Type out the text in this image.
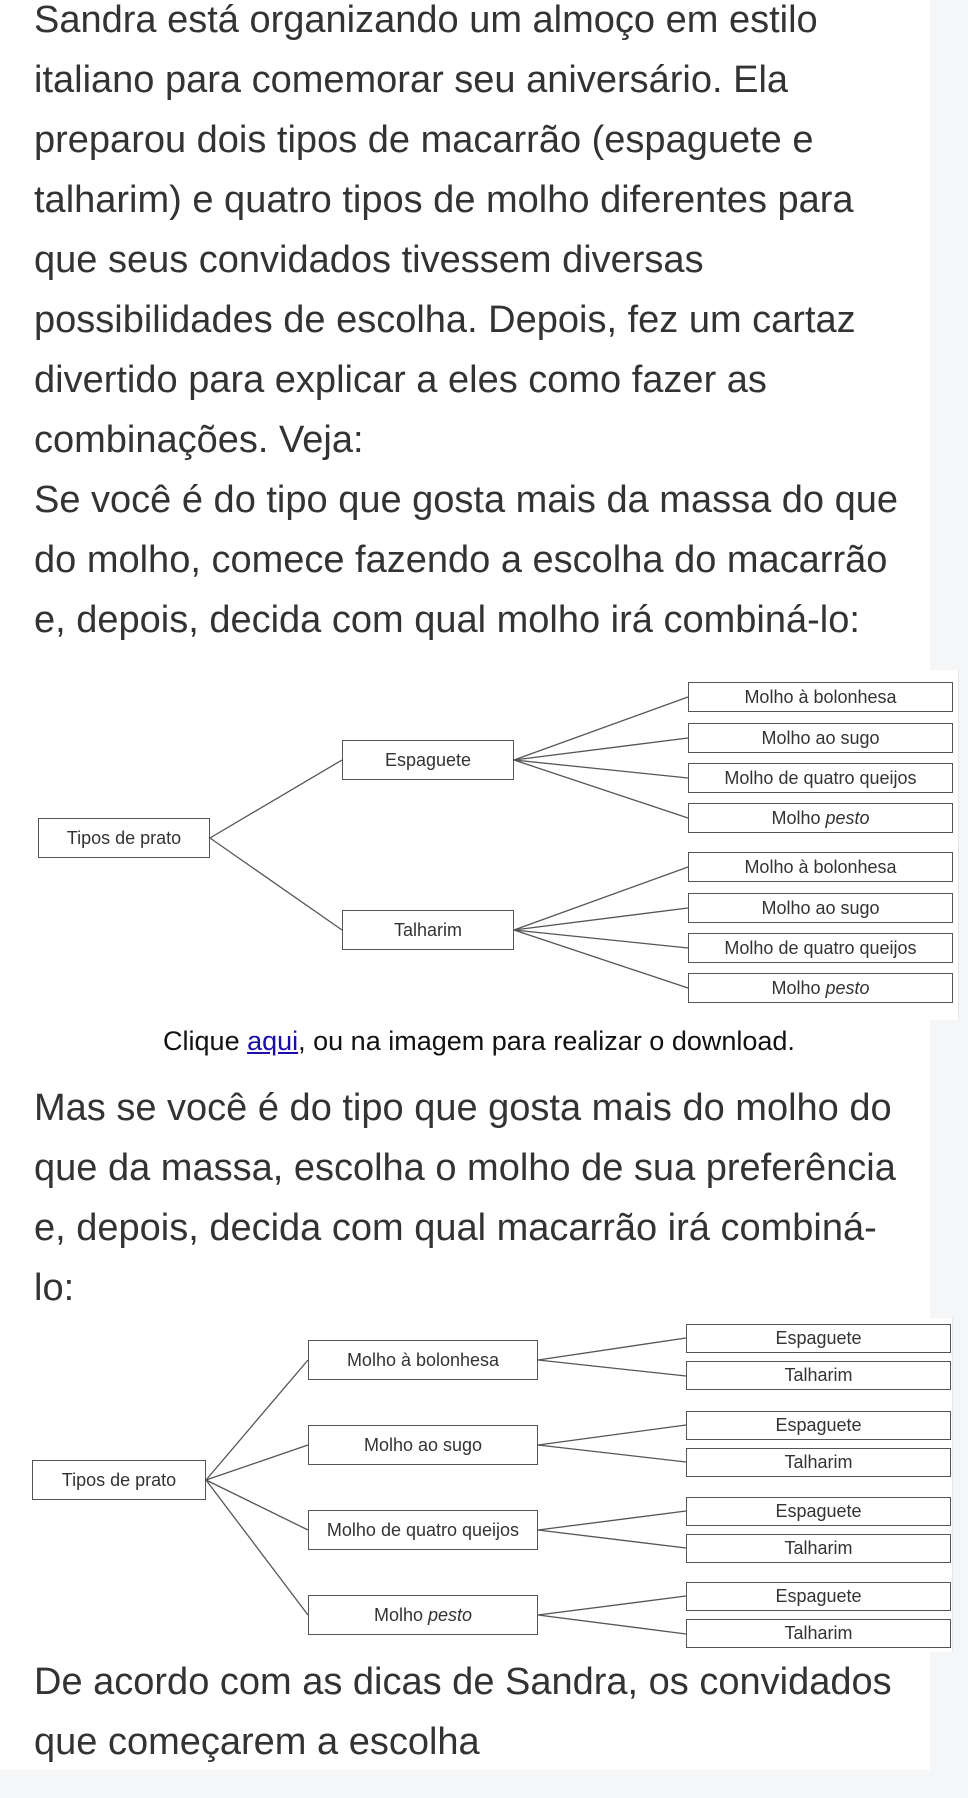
Sandra está organizando um almoço em estilo
italiano para comemorar seu aniversário. Ela
preparou dois tipos de macarrão (espaguete e
talharim) e quatro tipos de molho diferentes para
que seus convidados tivessem diversas
possibilidades de escolha. Depois, fez um cartaz
divertido para explicar a eles como fazer as
combinações. Veja:

Se você é do tipo que gosta mais da massa do que
do molho, comece fazendo a escolha do macarrão
e, depois, decida com qual molho irá combiná-lo:

Tipos de prato
Espaguete
Talharim
Molho à bolonhesa
Molho ao sugo
Molho de quatro queijos
Molho
pesto
Molho à bolonhesa
Molho ao sugo
Molho de quatro queijos
Molho
pesto

Mas se você é do tipo que gosta mais do molho do
que da massa, escolha o molho de sua preferência
e, depois, decida com qual macarrão irá combiná-
lo:

Tipos de prato
Molho à bolonhesa
Molho ao sugo
Molho de quatro queijos
Molho
pesto
Espaguete
Talharim
Espaguete
Talharim
Espaguete
Talharim
Espaguete
Talharim

De acordo com as dicas de Sandra, os convidados
que começarem a escolha

Clique aqui, ou na imagem para realizar o download.
